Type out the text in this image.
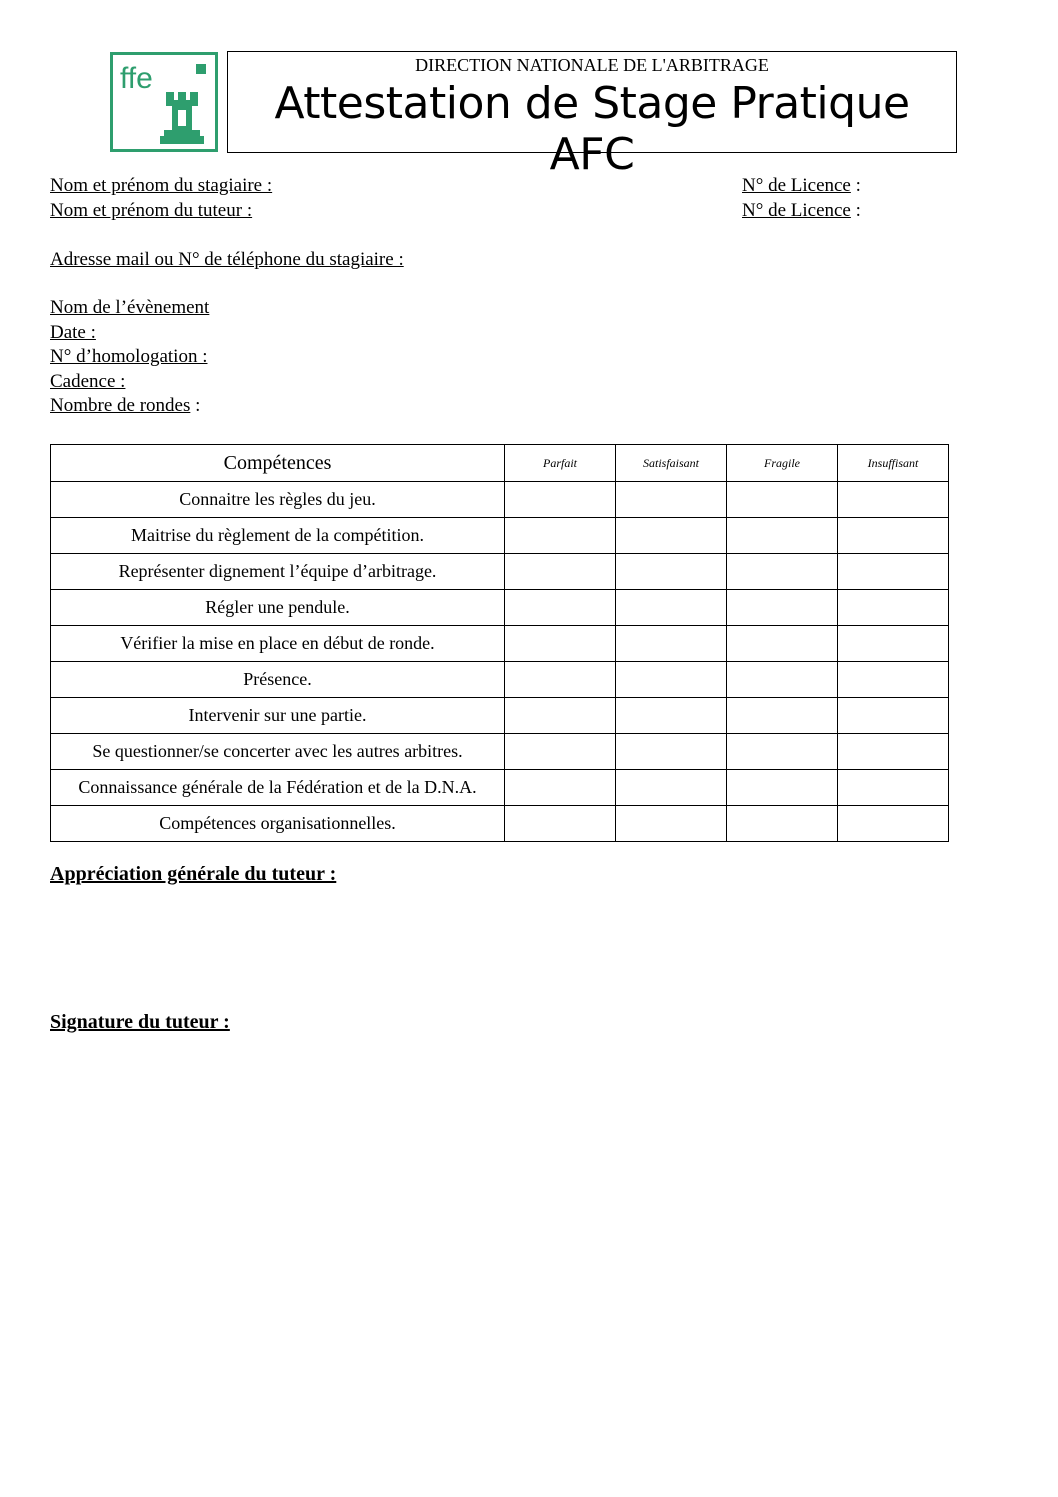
ffe	DIRECTION NATIONALE DE L'ARBITRAGE
Attestation de Stage Pratique AFC
Nom et prénom du stagiaire :	N° de Licence :
Nom et prénom du tuteur :	N° de Licence :
Adresse mail ou N° de téléphone du stagiaire :
Nom de l’évènement
Date :
N° d’homologation :
Cadence :
Nombre de rondes :
Compétences	Parfait	Satisfaisant	Fragile	Insuffisant
Connaitre les règles du jeu.				
Maitrise du règlement de la compétition.				
Représenter dignement l’équipe d’arbitrage.				
Régler une pendule.				
Vérifier la mise en place en début de ronde.				
Présence.				
Intervenir sur une partie.				
Se questionner/se concerter avec les autres arbitres.				
Connaissance générale de la Fédération et de la D.N.A.				
Compétences organisationnelles.				
Appréciation générale du tuteur :
Signature du tuteur :
